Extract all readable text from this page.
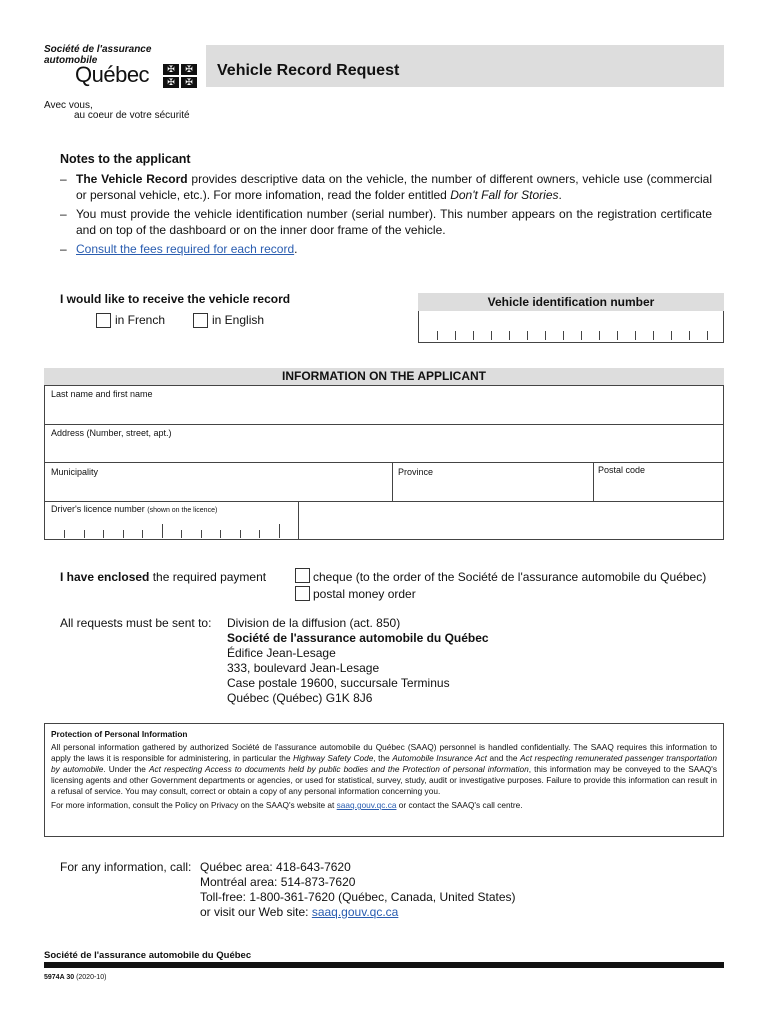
Société de l'assurance
automobile
Québec	✠	✠
✠	✠
Avec vous,
au coeur de votre sécurité
Vehicle Record Request
Notes to the applicant
– The Vehicle Record provides descriptive data on the vehicle, the number of different owners, vehicle use (commercial or personal vehicle, etc.). For more infomation, read the folder entitled Don't Fall for Stories.
– You must provide the vehicle identification number (serial number). This number appears on the registration certificate and on top of the dashboard or on the inner door frame of the vehicle.
– Consult the fees required for each record.
I would like to receive the vehicle record
in French	in English
Vehicle identification number
INFORMATION ON THE APPLICANT
Last name and first name
Address (Number, street, apt.)
Municipality	Province	Postal code
Driver's licence number (shown on the licence)
I have enclosed the required payment	cheque (to the order of the Société de l'assurance automobile du Québec)
postal money order
All requests must be sent to: Division de la diffusion (act. 850)
Société de l'assurance automobile du Québec
Édifice Jean-Lesage
333, boulevard Jean-Lesage
Case postale 19600, succursale Terminus
Québec (Québec) G1K 8J6
Protection of Personal Information
All personal information gathered by authorized Société de l'assurance automobile du Québec (SAAQ) personnel is handled confidentially. The SAAQ requires this information to apply the laws it is responsible for administering, in particular the Highway Safety Code, the Automobile Insurance Act and the Act respecting remunerated passenger transportation by automobile. Under the Act respecting Access to documents held by public bodies and the Protection of personal information, this information may be conveyed to the SAAQ's licensing agents and other Government departments or agencies, or used for statistical, survey, study, audit or investigative purposes. Failure to provide this information can result in a refusal of service. You may consult, correct or obtain a copy of any personal information concerning you.
For more information, consult the Policy on Privacy on the SAAQ's website at saaq.gouv.qc.ca or contact the SAAQ's call centre.
For any information, call: Québec area: 418-643-7620
Montréal area: 514-873-7620
Toll-free: 1-800-361-7620 (Québec, Canada, United States)
or visit our Web site: saaq.gouv.qc.ca
Société de l'assurance automobile du Québec
5974A 30 (2020-10)
